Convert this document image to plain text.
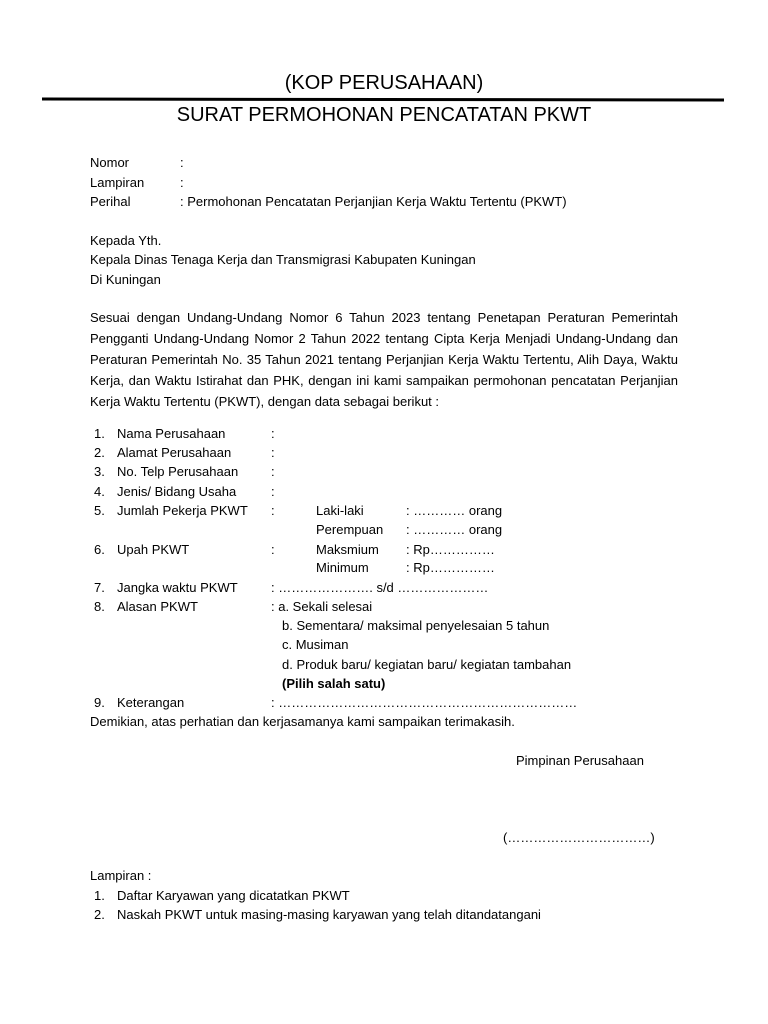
(KOP PERUSAHAAN)
SURAT PERMOHONAN PENCATATAN PKWT
Nomor	:
Lampiran	:
Perihal	: Permohonan Pencatatan Perjanjian Kerja Waktu Tertentu (PKWT)
Kepada Yth.
Kepala Dinas Tenaga Kerja dan Transmigrasi Kabupaten Kuningan
Di Kuningan
Sesuai dengan Undang-Undang Nomor 6 Tahun 2023 tentang Penetapan Peraturan Pemerintah Pengganti Undang-Undang Nomor 2 Tahun 2022 tentang Cipta Kerja Menjadi Undang-Undang dan Peraturan Pemerintah No. 35 Tahun 2021 tentang Perjanjian Kerja Waktu Tertentu, Alih Daya, Waktu Kerja, dan Waktu Istirahat dan PHK, dengan ini kami sampaikan permohonan pencatatan Perjanjian Kerja Waktu Tertentu (PKWT), dengan data sebagai berikut :
1. Nama Perusahaan	:
2. Alamat Perusahaan	:
3. No. Telp Perusahaan	:
4. Jenis/ Bidang Usaha	:
5. Jumlah Pekerja PKWT :	Laki-laki	: ………… orang
Perempuan : ………… orang
6. Upah PKWT	:	Maksmium : Rp……………
Minimum	: Rp……………
7. Jangka waktu PKWT	: …………………. s/d …………………
8. Alasan PKWT	: a. Sekali selesai
b. Sementara/ maksimal penyelesaian 5 tahun
c. Musiman
d. Produk baru/ kegiatan baru/ kegiatan tambahan
(Pilih salah satu)
9. Keterangan	: ……………………………………………………………
Demikian, atas perhatian dan kerjasamanya kami sampaikan terimakasih.
Pimpinan Perusahaan
(……………………………)
Lampiran :
1. Daftar Karyawan yang dicatatkan PKWT
2. Naskah PKWT untuk masing-masing karyawan yang telah ditandatangani
